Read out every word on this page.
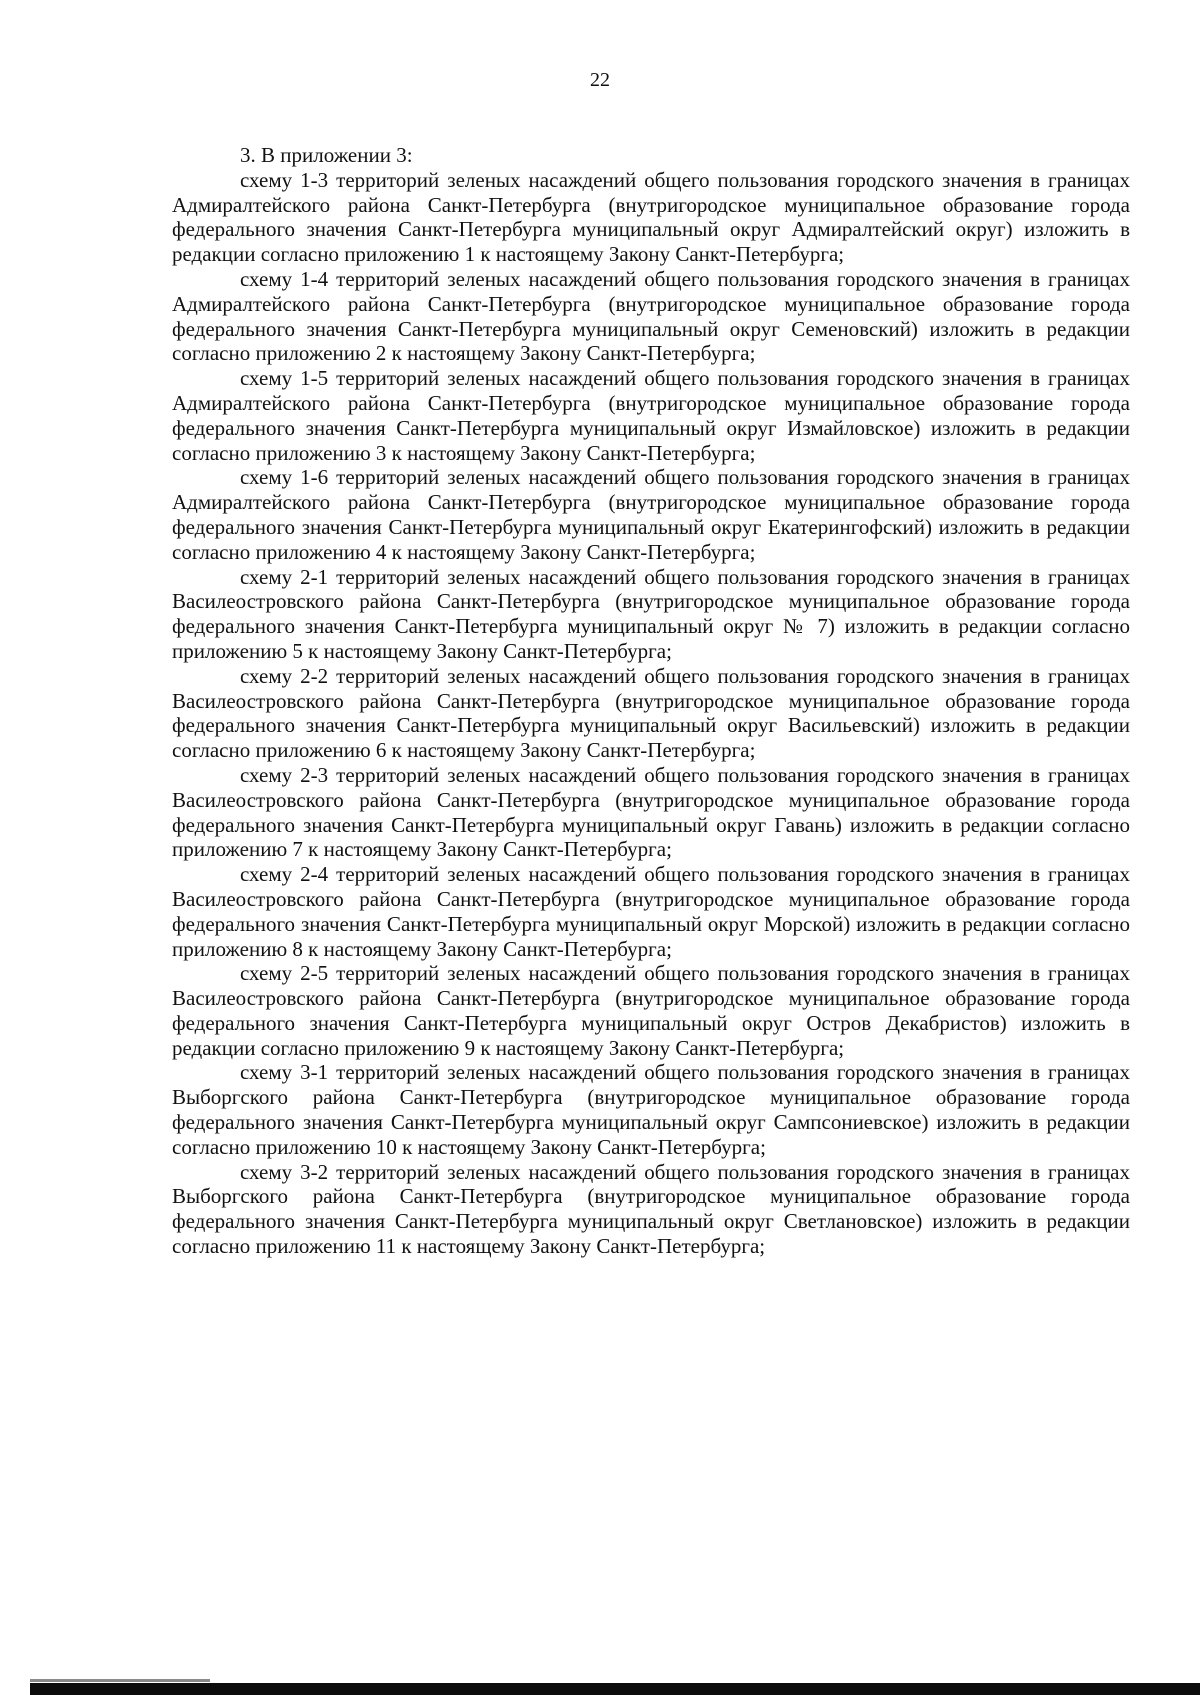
22

3. В приложении 3:

схему 1-3 территорий зеленых насаждений общего пользования городского значения в границах Адмиралтейского района Санкт-Петербурга (внутригородское муниципальное образование города федерального значения Санкт-Петербурга муниципальный округ Адмиралтейский округ) изложить в редакции согласно приложению 1 к настоящему Закону Санкт-Петербурга;

схему 1-4 территорий зеленых насаждений общего пользования городского значения в границах Адмиралтейского района Санкт-Петербурга (внутригородское муниципальное образование города федерального значения Санкт-Петербурга муниципальный округ Семеновский) изложить в редакции согласно приложению 2 к настоящему Закону Санкт-Петербурга;

схему 1-5 территорий зеленых насаждений общего пользования городского значения в границах Адмиралтейского района Санкт-Петербурга (внутригородское муниципальное образование города федерального значения Санкт-Петербурга муниципальный округ Измайловское) изложить в редакции согласно приложению 3 к настоящему Закону Санкт-Петербурга;

схему 1-6 территорий зеленых насаждений общего пользования городского значения в границах Адмиралтейского района Санкт-Петербурга (внутригородское муниципальное образование города федерального значения Санкт-Петербурга муниципальный округ Екатерингофский) изложить в редакции согласно приложению 4 к настоящему Закону Санкт-Петербурга;

схему 2-1 территорий зеленых насаждений общего пользования городского значения в границах Василеостровского района Санкт-Петербурга (внутригородское муниципальное образование города федерального значения Санкт-Петербурга муниципальный округ № 7) изложить в редакции согласно приложению 5 к настоящему Закону Санкт-Петербурга;

схему 2-2 территорий зеленых насаждений общего пользования городского значения в границах Василеостровского района Санкт-Петербурга (внутригородское муниципальное образование города федерального значения Санкт-Петербурга муниципальный округ Васильевский) изложить в редакции согласно приложению 6 к настоящему Закону Санкт-Петербурга;

схему 2-3 территорий зеленых насаждений общего пользования городского значения в границах Василеостровского района Санкт-Петербурга (внутригородское муниципальное образование города федерального значения Санкт-Петербурга муниципальный округ Гавань) изложить в редакции согласно приложению 7 к настоящему Закону Санкт-Петербурга;

схему 2-4 территорий зеленых насаждений общего пользования городского значения в границах Василеостровского района Санкт-Петербурга (внутригородское муниципальное образование города федерального значения Санкт-Петербурга муниципальный округ Морской) изложить в редакции согласно приложению 8 к настоящему Закону Санкт-Петербурга;

схему 2-5 территорий зеленых насаждений общего пользования городского значения в границах Василеостровского района Санкт-Петербурга (внутригородское муниципальное образование города федерального значения Санкт-Петербурга муниципальный округ Остров Декабристов) изложить в редакции согласно приложению 9 к настоящему Закону Санкт-Петербурга;

схему 3-1 территорий зеленых насаждений общего пользования городского значения в границах Выборгского района Санкт-Петербурга (внутригородское муниципальное образование города федерального значения Санкт-Петербурга муниципальный округ Сампсониевское) изложить в редакции согласно приложению 10 к настоящему Закону Санкт-Петербурга;

схему 3-2 территорий зеленых насаждений общего пользования городского значения в границах Выборгского района Санкт-Петербурга (внутригородское муниципальное образование города федерального значения Санкт-Петербурга муниципальный округ Светлановское) изложить в редакции согласно приложению 11 к настоящему Закону Санкт-Петербурга;
